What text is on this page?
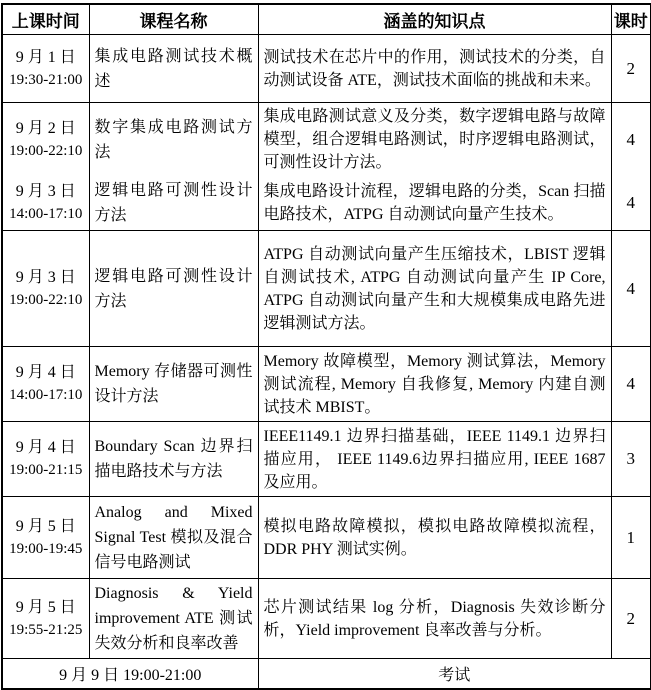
上课时间	课程名称	涵盖的知识点	课时

9 月 1 日
19:30-21:00	集成电路测试技术概述	测试技术在芯片中的作用，测试技术的分类，自动测试设备 ATE，测试技术面临的挑战和未来。	2

9 月 2 日
19:00-22:10	数字集成电路测试方法	集成电路测试意义及分类，数字逻辑电路与故障模型，组合逻辑电路测试，时序逻辑电路测试，可测性设计方法。	4

9 月 3 日
14:00-17:10	逻辑电路可测性设计方法	集成电路设计流程，逻辑电路的分类，Scan 扫描电路技术，ATPG 自动测试向量产生技术。	4

9 月 3 日
19:00-22:10	逻辑电路可测性设计方法	ATPG 自动测试向量产生压缩技术，LBIST 逻辑自测试技术, ATPG 自动测试向量产生 IP Core, ATPG 自动测试向量产生和大规模集成电路先进逻辑测试方法。	4

9 月 4 日
14:00-17:10	Memory 存储器可测性设计方法	Memory 故障模型，Memory 测试算法，Memory 测试流程, Memory 自我修复, Memory 内建自测试技术 MBIST。	4

9 月 4 日
19:00-21:15	Boundary Scan 边界扫描电路技术与方法	IEEE1149.1 边界扫描基础，IEEE 1149.1 边界扫描应用， IEEE 1149.6边界扫描应用, IEEE 1687 及应用。	3

9 月 5 日
19:00-19:45	Analog and Mixed Signal Test 模拟及混合信号电路测试	模拟电路故障模拟，模拟电路故障模拟流程，DDR PHY 测试实例。	1

9 月 5 日
19:55-21:25	Diagnosis & Yield improvement ATE 测试失效分析和良率改善	芯片测试结果 log 分析，Diagnosis 失效诊断分析，Yield improvement 良率改善与分析。	2
9 月 9 日 19:00-21:00		考试	
